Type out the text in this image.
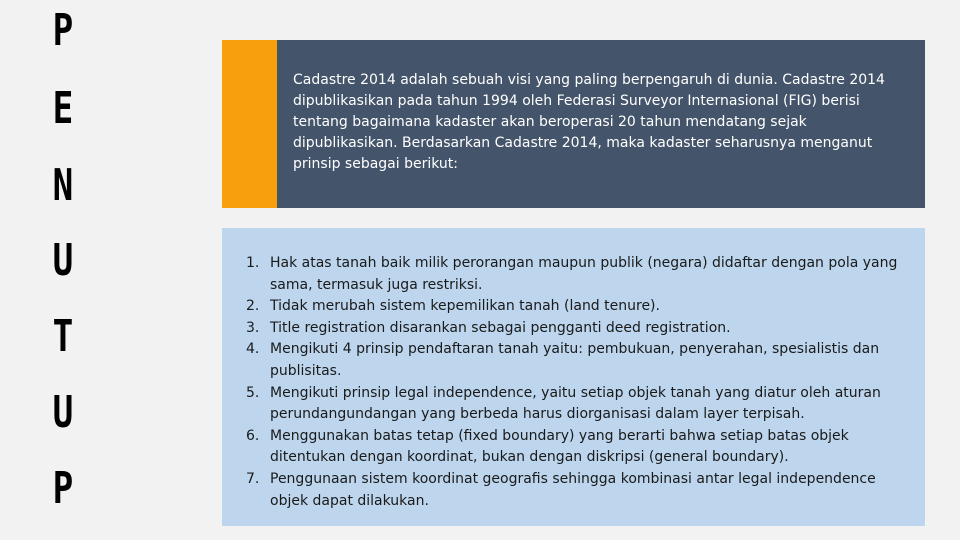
P
E
N
U
T
U
P

Cadastre 2014 adalah sebuah visi yang paling berpengaruh di dunia. Cadastre 2014 dipublikasikan pada tahun 1994 oleh Federasi Surveyor Internasional (FIG) berisi tentang bagaimana kadaster akan beroperasi 20 tahun mendatang sejak dipublikasikan. Berdasarkan Cadastre 2014, maka kadaster seharusnya menganut prinsip sebagai berikut:

1. Hak atas tanah baik milik perorangan maupun publik (negara) didaftar dengan pola yang sama, termasuk juga restriksi.
2. Tidak merubah sistem kepemilikan tanah (land tenure).
3. Title registration disarankan sebagai pengganti deed registration.
4. Mengikuti 4 prinsip pendaftaran tanah yaitu: pembukuan, penyerahan, spesialistis dan publisitas.
5. Mengikuti prinsip legal independence, yaitu setiap objek tanah yang diatur oleh aturan perundangundangan yang berbeda harus diorganisasi dalam layer terpisah.
6. Menggunakan batas tetap (fixed boundary) yang berarti bahwa setiap batas objek ditentukan dengan koordinat, bukan dengan diskripsi (general boundary).
7. Penggunaan sistem koordinat geografis sehingga kombinasi antar legal independence objek dapat dilakukan.
